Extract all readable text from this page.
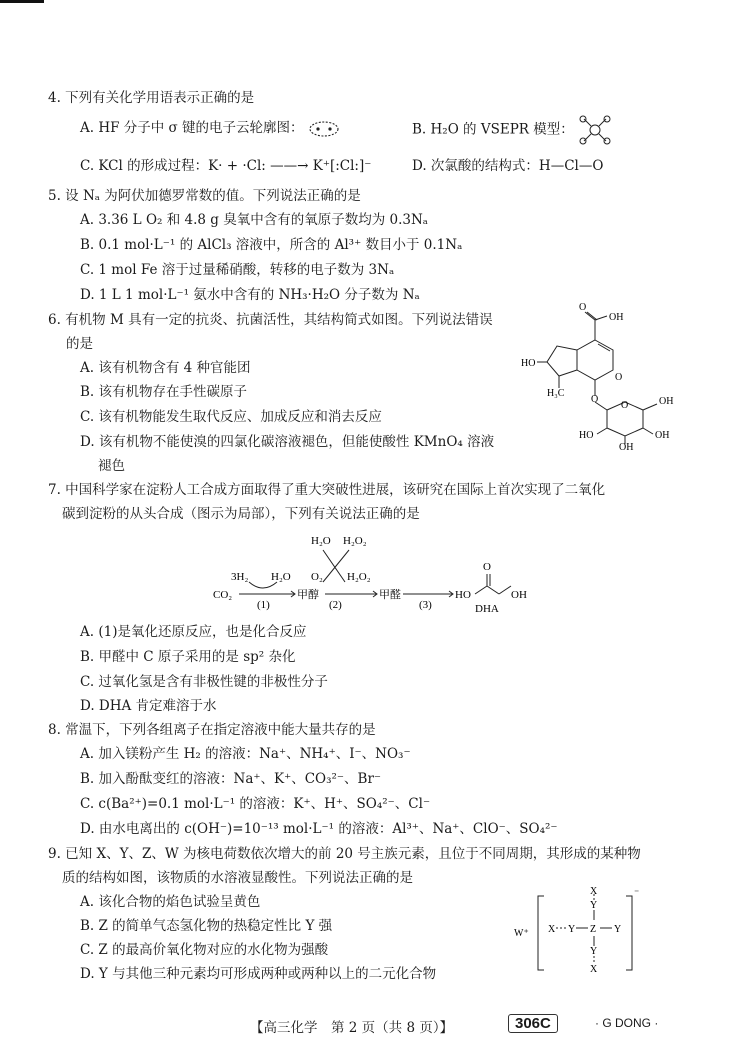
4. 下列有关化学用语表示正确的是
A. HF 分子中 σ 键的电子云轮廓图：	B. H₂O 的 VSEPR 模型：
C. KCl 的形成过程：K· + ·Cl: ——→ K⁺[:Cl:]⁻	D. 次氯酸的结构式：H—Cl—O
5. 设 Nₐ 为阿伏加德罗常数的值。下列说法正确的是
A. 3.36 L O₂ 和 4.8 g 臭氧中含有的氧原子数均为 0.3Nₐ
B. 0.1 mol·L⁻¹ 的 AlCl₃ 溶液中，所含的 Al³⁺ 数目小于 0.1Nₐ
C. 1 mol Fe 溶于过量稀硝酸，转移的电子数为 3Nₐ
D. 1 L 1 mol·L⁻¹ 氨水中含有的 NH₃·H₂O 分子数为 Nₐ
6. 有机物 M 具有一定的抗炎、抗菌活性，其结构简式如图。下列说法错误
的是
A. 该有机物含有 4 种官能团
B. 该有机物存在手性碳原子
C. 该有机物能发生取代反应、加成反应和消去反应
D. 该有机物不能使溴的四氯化碳溶液褪色，但能使酸性 KMnO₄ 溶液
褪色
O
OH
O
HO
H₃C
O
O	OH
OH
OH
HO
7. 中国科学家在淀粉人工合成方面取得了重大突破性进展，该研究在国际上首次实现了二氧化
碳到淀粉的从头合成（图示为局部），下列有关说法正确的是
CO₂
3H₂ H₂O
(1)
甲醇
H₂O H₂O₂
O₂ H₂O₂
(2)
甲醛
(3)
HO
O
OH
DHA
A. (1)是氧化还原反应，也是化合反应
B. 甲醛中 C 原子采用的是 sp² 杂化
C. 过氧化氢是含有非极性键的非极性分子
D. DHA 肯定难溶于水
8. 常温下，下列各组离子在指定溶液中能大量共存的是
A. 加入镁粉产生 H₂ 的溶液：Na⁺、NH₄⁺、I⁻、NO₃⁻
B. 加入酚酞变红的溶液：Na⁺、K⁺、CO₃²⁻、Br⁻
C. c(Ba²⁺)=0.1 mol·L⁻¹ 的溶液：K⁺、H⁺、SO₄²⁻、Cl⁻
D. 由水电离出的 c(OH⁻)=10⁻¹³ mol·L⁻¹ 的溶液：Al³⁺、Na⁺、ClO⁻、SO₄²⁻
9. 已知 X、Y、Z、W 为核电荷数依次增大的前 20 号主族元素，且位于不同周期，其形成的某种物
质的结构如图，该物质的水溶液显酸性。下列说法正确的是
A. 该化合物的焰色试验呈黄色
B. Z 的简单气态氢化物的热稳定性比 Y 强
C. Z 的最高价氧化物对应的水化物为强酸
D. Y 与其他三种元素均可形成两种或两种以上的二元化合物
W⁺ X Y Z Y
Y
Y
X
X
⁻
【高三化学　第 2 页（共 8 页）】	306C	· G DONG ·
